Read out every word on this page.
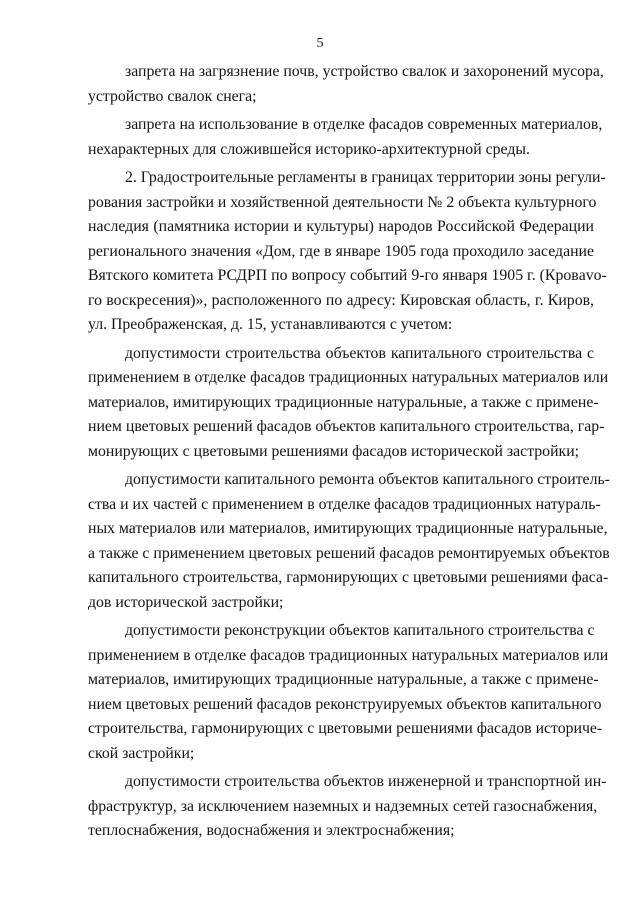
5
запрета на загрязнение почв, устройство свалок и захоронений мусора,
устройство свалок снега;
запрета на использование в отделке фасадов современных материалов,
нехарактерных для сложившейся историко-архитектурной среды.
2. Градостроительные регламенты в границах территории зоны регули-
рования застройки и хозяйственной деятельности № 2 объекта культурного
наследия (памятника истории и культуры) народов Российской Федерации
регионального значения «Дом, где в январе 1905 года проходило заседание
Вятского комитета РСДРП по вопросу событий 9-го января 1905 г. (Кровavo-
го воскресения)», расположенного по адресу: Кировская область, г. Киров,
ул. Преображенская, д. 15, устанавливаются с учетом:
допустимости строительства объектов капитального строительства с
применением в отделке фасадов традиционных натуральных материалов или
материалов, имитирующих традиционные натуральные, а также с примене-
нием цветовых решений фасадов объектов капитального строительства, гар-
монирующих с цветовыми решениями фасадов исторической застройки;
допустимости капитального ремонта объектов капитального строитель-
ства и их частей с применением в отделке фасадов традиционных натураль-
ных материалов или материалов, имитирующих традиционные натуральные,
а также с применением цветовых решений фасадов ремонтируемых объектов
капитального строительства, гармонирующих с цветовыми решениями фаса-
дов исторической застройки;
допустимости реконструкции объектов капитального строительства с
применением в отделке фасадов традиционных натуральных материалов или
материалов, имитирующих традиционные натуральные, а также с примене-
нием цветовых решений фасадов реконструируемых объектов капитального
строительства, гармонирующих с цветовыми решениями фасадов историче-
ской застройки;
допустимости строительства объектов инженерной и транспортной ин-
фраструктур, за исключением наземных и надземных сетей газоснабжения,
теплоснабжения, водоснабжения и электроснабжения;
